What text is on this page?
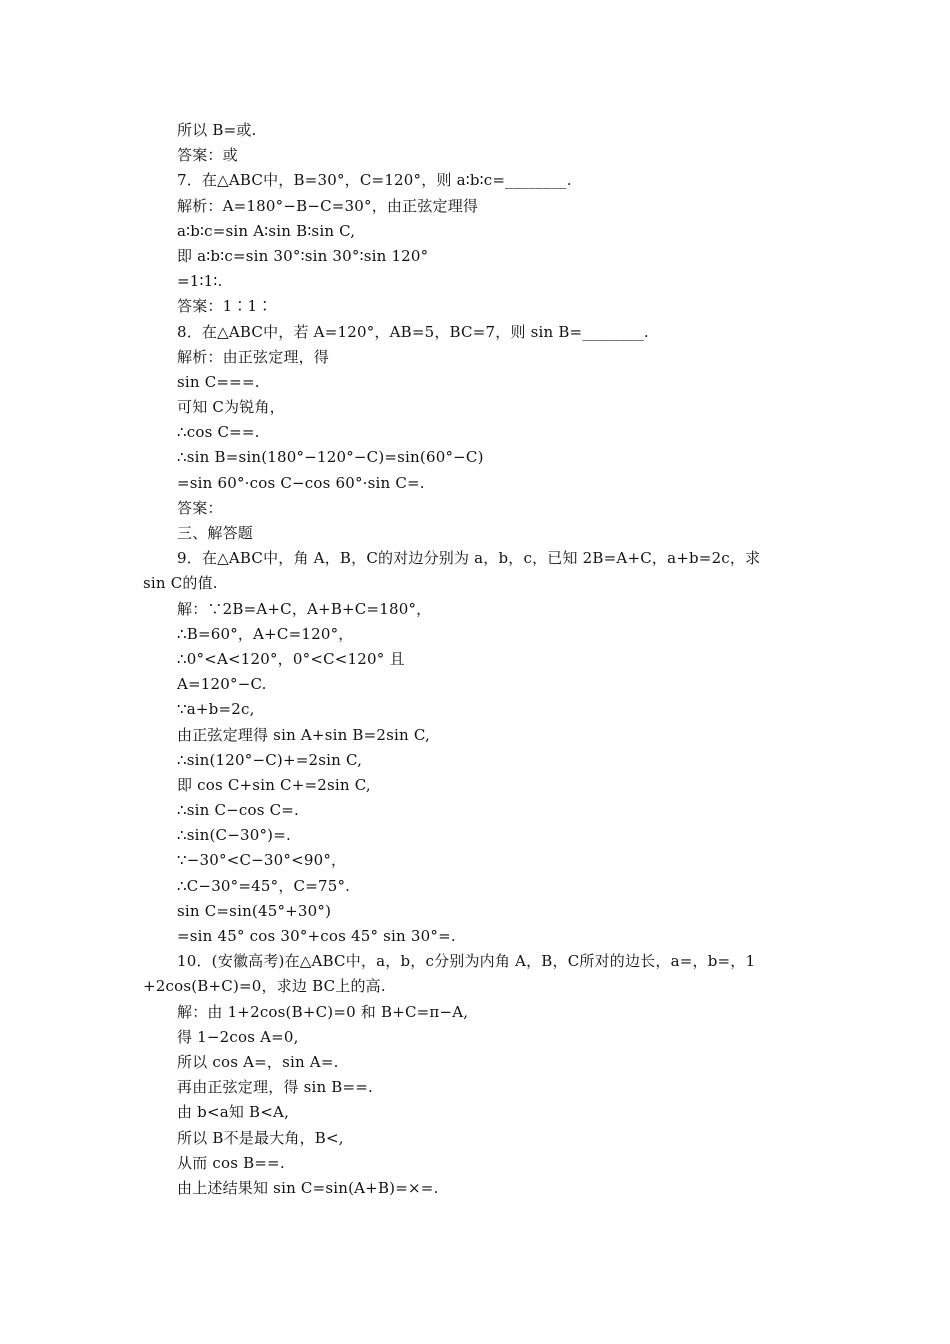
所以 B=或.
答案：或
7．在△ABC中，B=30°，C=120°，则 a∶b∶c=________.
解析：A=180°−B−C=30°，由正弦定理得
a∶b∶c=sin A∶sin B∶sin C,
即 a∶b∶c=sin 30°∶sin 30°∶sin 120°
=1∶1∶.
答案：1∶1∶
8．在△ABC中，若 A=120°，AB=5，BC=7，则 sin B=________.
解析：由正弦定理，得
sin C===.
可知 C为锐角，
∴cos C==.
∴sin B=sin(180°−120°−C)=sin(60°−C)
=sin 60°·cos C−cos 60°·sin C=.
答案：
三、解答题
9．在△ABC中，角 A，B，C的对边分别为 a，b，c，已知 2B=A+C，a+b=2c，求
sin C的值.
解：∵2B=A+C，A+B+C=180°，
∴B=60°，A+C=120°，
∴0°<A<120°，0°<C<120° 且
A=120°−C.
∵a+b=2c,
由正弦定理得 sin A+sin B=2sin C,
∴sin(120°−C)+=2sin C,
即 cos C+sin C+=2sin C,
∴sin C−cos C=.
∴sin(C−30°)=.
∵−30°<C−30°<90°，
∴C−30°=45°，C=75°.
sin C=sin(45°+30°)
=sin 45° cos 30°+cos 45° sin 30°=.
10．(安徽高考)在△ABC中，a，b，c分别为内角 A，B，C所对的边长，a=，b=，1
+2cos(B+C)=0，求边 BC上的高.
解：由 1+2cos(B+C)=0 和 B+C=π−A,
得 1−2cos A=0,
所以 cos A=，sin A=.
再由正弦定理，得 sin B==.
由 b<a知 B<A,
所以 B不是最大角，B<,
从而 cos B==.
由上述结果知 sin C=sin(A+B)=×=.
